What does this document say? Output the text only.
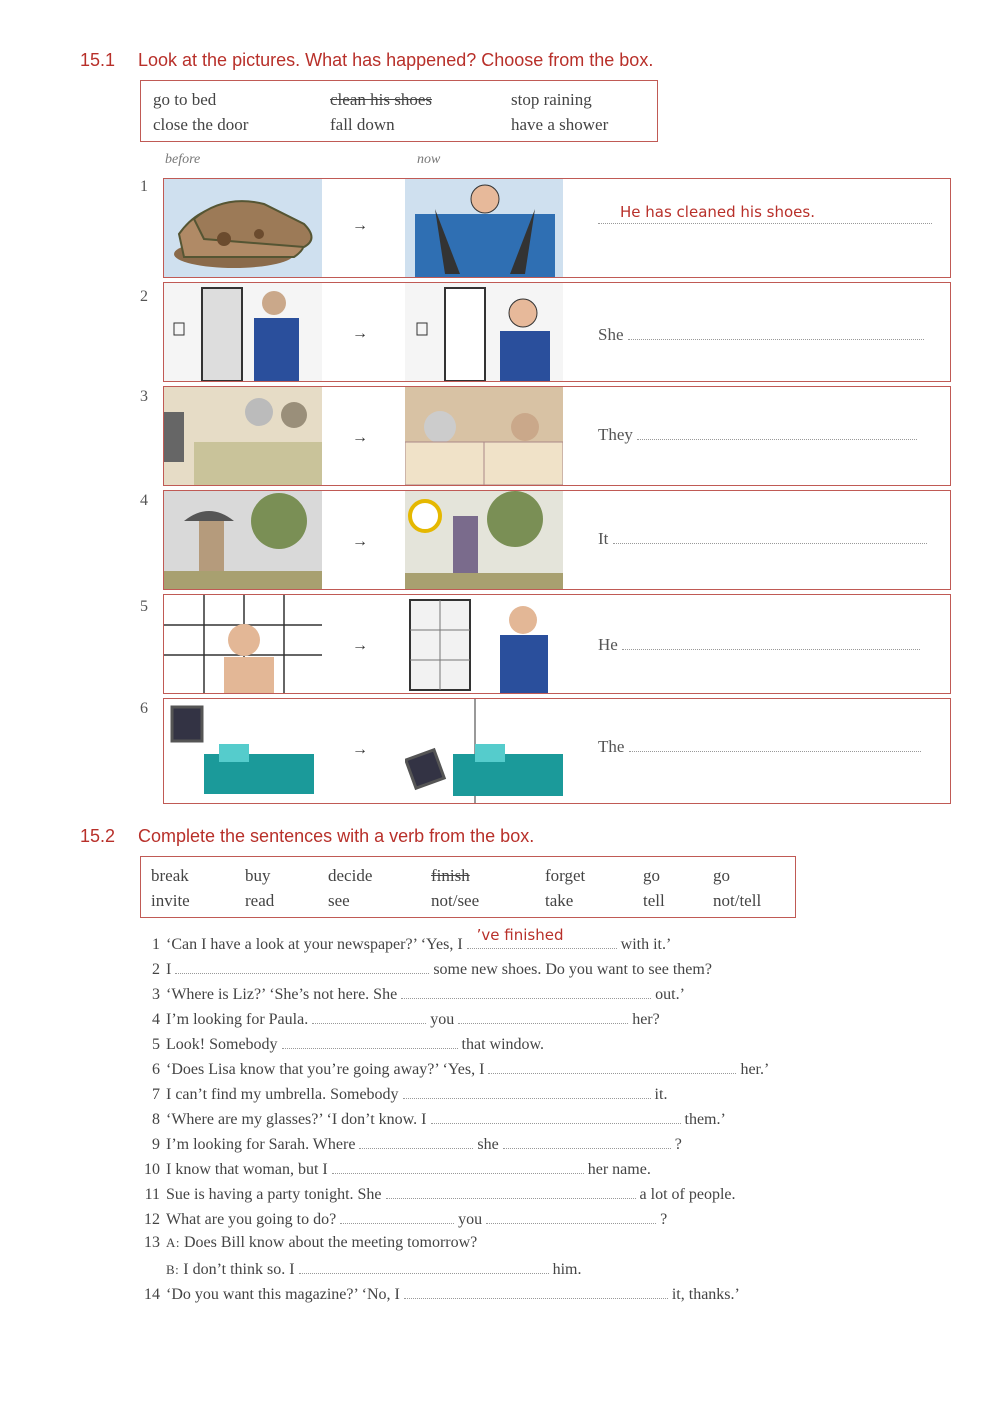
15.1 Look at the pictures. What has happened? Choose from the box.
go to bed	clean his shoes	stop raining
close the door	fall down	have a shower
before	now
1
→
He has cleaned his shoes.
2
→	She
3
→	They
4
→	It
5
→	He
6
→	The
15.2 Complete the sentences with a verb from the box.
break	buy	decide	finish	forget	go	go
invite	read	see	not/see	take	tell	not/tell
1 ‘Can I have a look at your newspaper?’ ‘Yes, I
’ve finished
with it.’
2 I	some new shoes. Do you want to see them?
3 ‘Where is Liz?’ ‘She’s not here. She	out.’
4 I’m looking for Paula.	you	her?
5 Look! Somebody	that window.
6 ‘Does Lisa know that you’re going away?’ ‘Yes, I	her.’
7 I can’t find my umbrella. Somebody	it.
8 ‘Where are my glasses?’ ‘I don’t know. I	them.’
9 I’m looking for Sarah. Where	she	?
10 I know that woman, but I	her name.
11 Sue is having a party tonight. She	a lot of people.
12 What are you going to do?	you	?
13 A: Does Bill know about the meeting tomorrow?
B: I don’t think so. I	him.
14 ‘Do you want this magazine?’ ‘No, I	it, thanks.’
